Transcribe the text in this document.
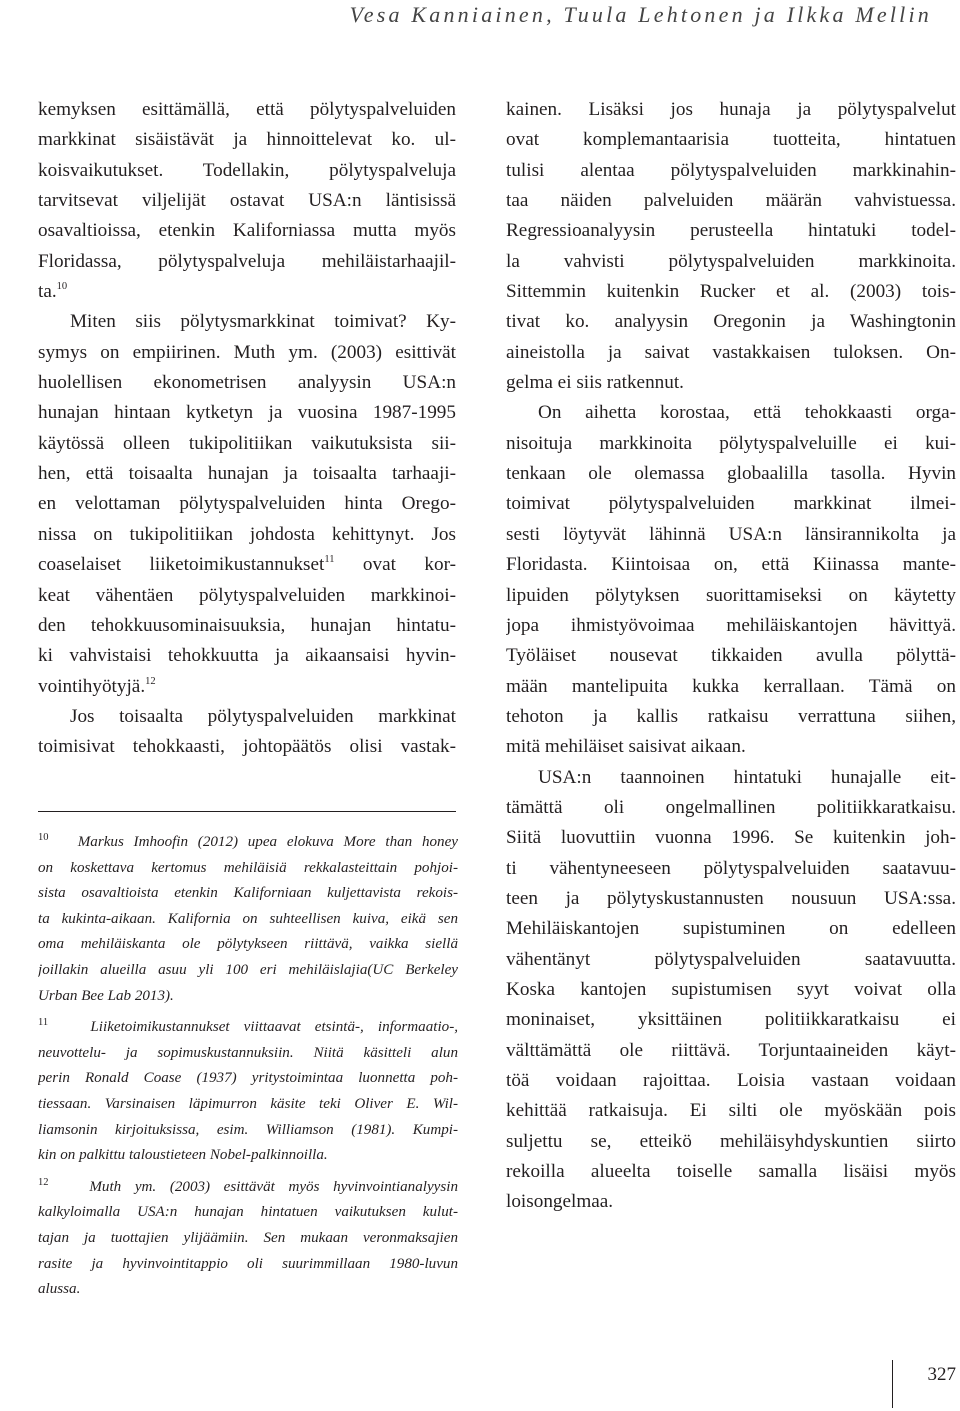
Vesa Kanniainen, Tuula Lehtonen ja Ilkka Mellin
kemyksen esittämällä, että pölytyspalveluiden
markkinat sisäistävät ja hinnoittelevat ko. ul-
koisvaikutukset. Todellakin, pölytyspalveluja
tarvitsevat viljelijät ostavat USA:n läntisissä
osavaltioissa, etenkin Kaliforniassa mutta myös
Floridassa, pölytyspalveluja mehiläistarhaajil-
ta.$^{10}$
Miten siis pölytysmarkkinat toimivat? Ky-
symys on empiirinen. Muth ym. (2003) esittivät
huolellisen ekonometrisen analyysin USA:n
hunajan hintaan kytketyn ja vuosina 1987-1995
käytössä olleen tukipolitiikan vaikutuksista sii-
hen, että toisaalta hunajan ja toisaalta tarhaaji-
en velottaman pölytyspalveluiden hinta Orego-
nissa on tukipolitiikan johdosta kehittynyt. Jos
coaselaiset liiketoimikustannukset$^{11}$ ovat kor-
keat vähentäen pölytyspalveluiden markkinoi-
den tehokkuusominaisuuksia, hunajan hintatu-
ki vahvistaisi tehokkuutta ja aikaansaisi hyvin-
vointihyötyjä.$^{12}$
Jos toisaalta pölytyspalveluiden markkinat
toimisivat tehokkaasti, johtopäätös olisi vastak-
$^{10}$ Markus Imhoofin (2012) upea elokuva More than honey
on koskettava kertomus mehiläisiä rekkalasteittain pohjoi-
sista osavaltioista etenkin Kaliforniaan kuljettavista rekois-
ta kukinta-aikaan. Kalifornia on suhteellisen kuiva, eikä sen
oma mehiläiskanta ole pölytykseen riittävä, vaikka siellä
joillakin alueilla asuu yli 100 eri mehiläislajia(UC Berkeley
Urban Bee Lab 2013).
$^{11}$	Liiketoimikustannukset viittaavat etsintä-, informaatio-,
neuvottelu- ja sopimuskustannuksiin. Niitä käsitteli alun
perin Ronald Coase (1937) yritystoimintaa luonnetta poh-
tiessaan. Varsinaisen läpimurron käsite teki Oliver E. Wil-
liamsonin kirjoituksissa, esim. Williamson (1981). Kumpi-
kin on palkittu taloustieteen Nobel-palkinnoilla.
$^{12}$	Muth ym. (2003) esittävät myös hyvinvointianalyysin
kalkyloimalla USA:n hunajan hintatuen vaikutuksen kulut-
tajan ja tuottajien ylijäämiin. Sen mukaan veronmaksajien
rasite ja hyvinvointitappio oli suurimmillaan 1980-luvun
alussa.
kainen. Lisäksi jos hunaja ja pölytyspalvelut
ovat komplemantaarisia tuotteita, hintatuen
tulisi alentaa pölytyspalveluiden markkinahin-
taa näiden palveluiden määrän vahvistuessa.
Regressioanalyysin perusteella hintatuki todel-
la vahvisti pölytyspalveluiden markkinoita.
Sittemmin kuitenkin Rucker et al. (2003) tois-
tivat ko. analyysin Oregonin ja Washingtonin
aineistolla ja saivat vastakkaisen tuloksen. On-
gelma ei siis ratkennut.
On aihetta korostaa, että tehokkaasti orga-
nisoituja markkinoita pölytyspalveluille ei kui-
tenkaan ole olemassa globaalilla tasolla. Hyvin
toimivat pölytyspalveluiden markkinat ilmei-
sesti löytyvät lähinnä USA:n länsirannikolta ja
Floridasta. Kiintoisaa on, että Kiinassa mante-
lipuiden pölytyksen suorittamiseksi on käytetty
jopa ihmistyövoimaa mehiläiskantojen hävittyä.
Työläiset nousevat tikkaiden avulla pölyttä-
mään mantelipuita kukka kerrallaan. Tämä on
tehoton ja kallis ratkaisu verrattuna siihen,
mitä mehiläiset saisivat aikaan.
USA:n taannoinen hintatuki hunajalle eit-
tämättä oli ongelmallinen politiikkaratkaisu.
Siitä luovuttiin vuonna 1996. Se kuitenkin joh-
ti vähentyneeseen pölytyspalveluiden saatavuu-
teen ja pölytyskustannusten nousuun USA:ssa.
Mehiläiskantojen supistuminen on edelleen
vähentänyt pölytyspalveluiden saatavuutta.
Koska kantojen supistumisen syyt voivat olla
moninaiset, yksittäinen politiikkaratkaisu ei
välttämättä ole riittävä. Torjuntaaineiden käyt-
töä voidaan rajoittaa. Loisia vastaan voidaan
kehittää ratkaisuja. Ei silti ole myöskään pois
suljettu se, etteikö mehiläisyhdyskuntien siirto
rekoilla alueelta toiselle samalla lisäisi myös
loisongelmaa.
327
